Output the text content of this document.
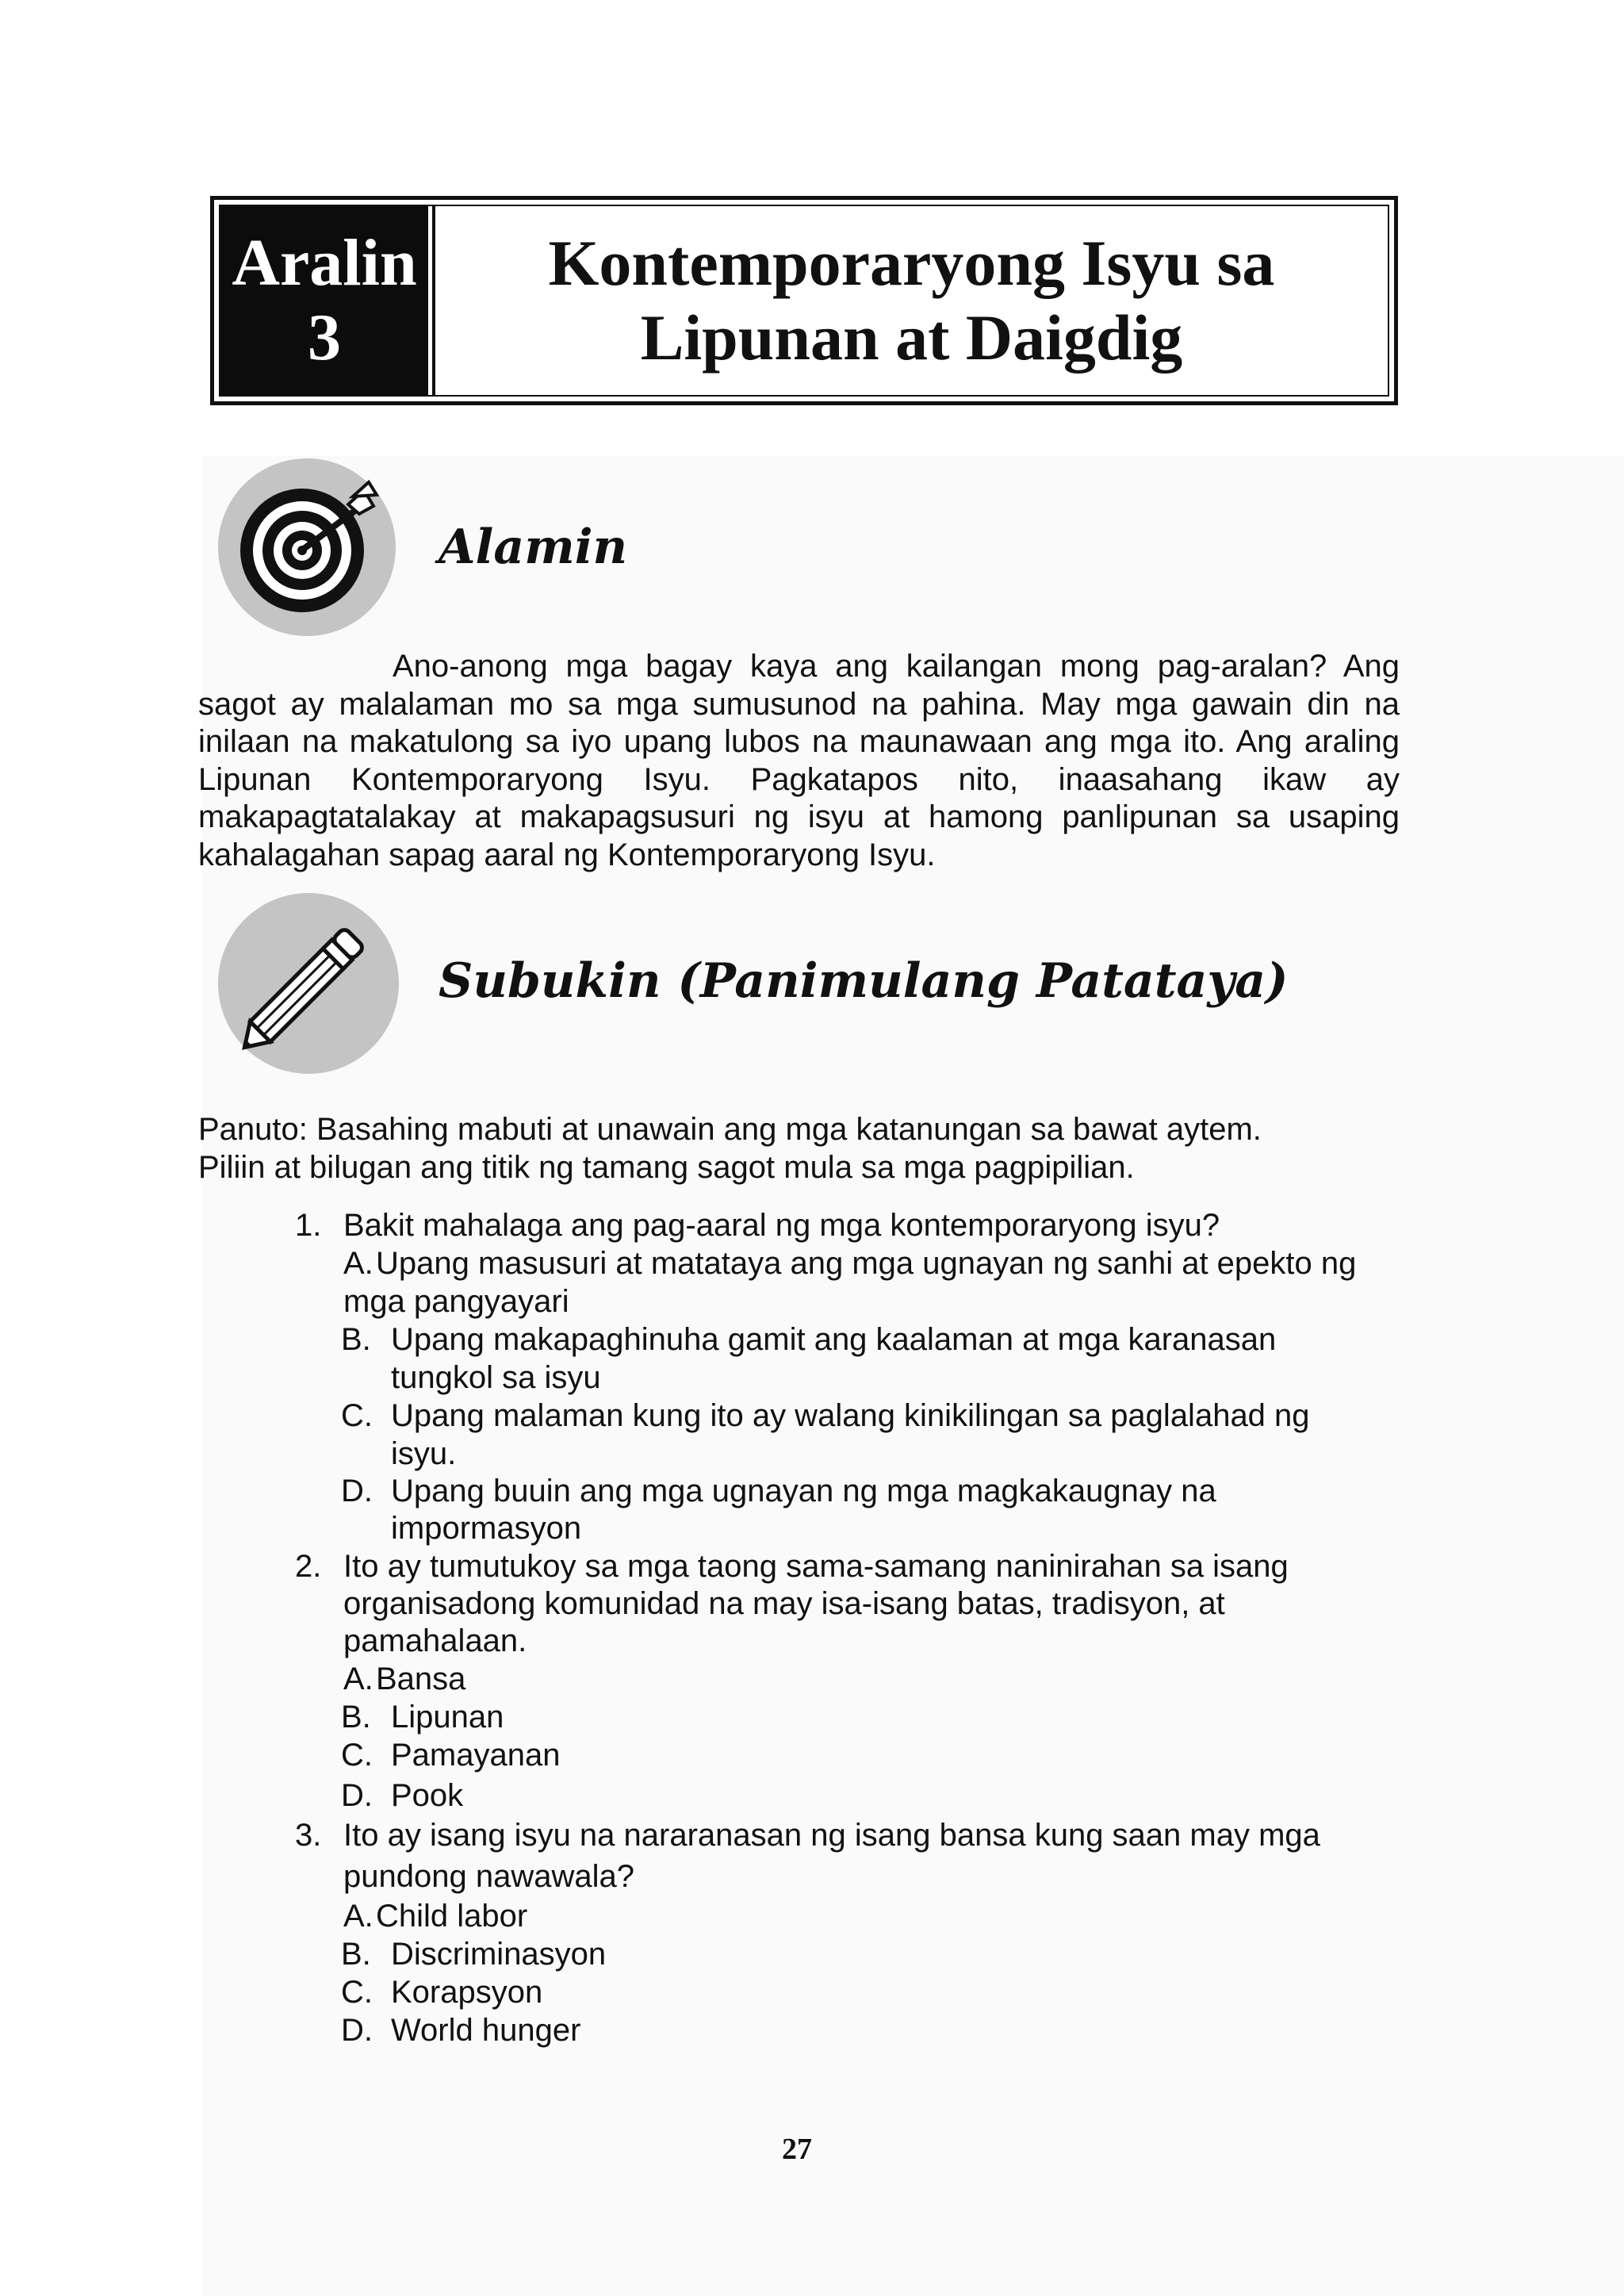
Aralin
3
Kontemporaryong Isyu sa
Lipunan at Daigdig
Alamin
Ano-anong mga bagay kaya ang kailangan mong pag-aralan? Ang sagot ay malalaman mo sa mga sumusunod na pahina. May mga gawain din na inilaan na makatulong sa iyo upang lubos na maunawaan ang mga ito. Ang araling Lipunan Kontemporaryong Isyu. Pagkatapos nito, inaasahang ikaw ay makapagtatalakay at makapagsusuri ng isyu at hamong panlipunan sa usaping kahalagahan sapag aaral ng Kontemporaryong Isyu.
Subukin (Panimulang Patataya)
Panuto: Basahing mabuti at unawain ang mga katanungan sa bawat aytem.
Piliin at bilugan ang titik ng tamang sagot mula sa mga pagpipilian.
1. Bakit mahalaga ang pag-aaral ng mga kontemporaryong isyu?
A. Upang masusuri at matataya ang mga ugnayan ng sanhi at epekto ng
mga pangyayari
B. Upang makapaghinuha gamit ang kaalaman at mga karanasan
tungkol sa isyu
C. Upang malaman kung ito ay walang kinikilingan sa paglalahad ng
isyu.
D. Upang buuin ang mga ugnayan ng mga magkakaugnay na
impormasyon
2. Ito ay tumutukoy sa mga taong sama-samang naninirahan sa isang
organisadong komunidad na may isa-isang batas, tradisyon, at
pamahalaan.
A. Bansa
B. Lipunan
C. Pamayanan
D. Pook
3. Ito ay isang isyu na nararanasan ng isang bansa kung saan may mga
pundong nawawala?
A. Child labor
B. Discriminasyon
C. Korapsyon
D. World hunger
27
